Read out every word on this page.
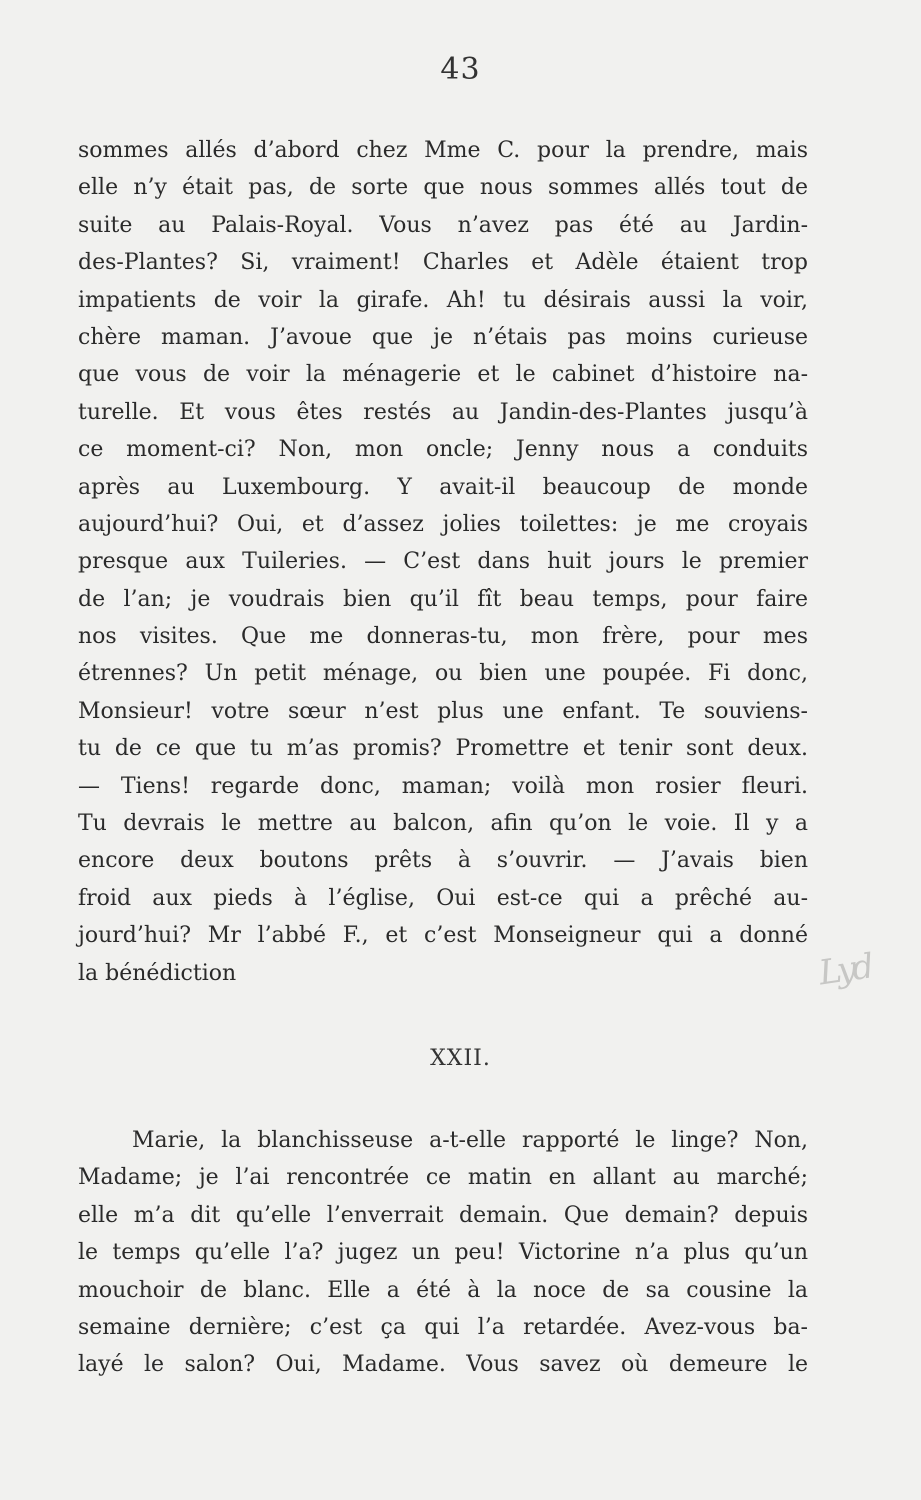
43
sommes allés d’abord chez Mme C. pour la prendre, mais
elle n’y était pas, de sorte que nous sommes allés tout de
suite au Palais-Royal. Vous n’avez pas été au Jardin-
des-Plantes? Si, vraiment! Charles et Adèle étaient trop
impatients de voir la girafe. Ah! tu désirais aussi la voir,
chère maman. J’avoue que je n’étais pas moins curieuse
que vous de voir la ménagerie et le cabinet d’histoire na-
turelle. Et vous êtes restés au Jandin-des-Plantes jusqu’à
ce moment-ci? Non, mon oncle; Jenny nous a conduits
après au Luxembourg. Y avait-il beaucoup de monde
aujourd’hui? Oui, et d’assez jolies toilettes: je me croyais
presque aux Tuileries. — C’est dans huit jours le premier
de l’an; je voudrais bien qu’il fît beau temps, pour faire
nos visites. Que me donneras-tu, mon frère, pour mes
étrennes? Un petit ménage, ou bien une poupée. Fi donc,
Monsieur! votre sœur n’est plus une enfant. Te souviens-
tu de ce que tu m’as promis? Promettre et tenir sont deux.
— Tiens! regarde donc, maman; voilà mon rosier fleuri.
Tu devrais le mettre au balcon, afin qu’on le voie. Il y a
encore deux boutons prêts à s’ouvrir. — J’avais bien
froid aux pieds à l’église, Oui est-ce qui a prêché au-
jourd’hui? Mr l’abbé F., et c’est Monseigneur qui a donné
la bénédiction	Lyd
XXII.
Marie, la blanchisseuse a-t-elle rapporté le linge? Non,
Madame; je l’ai rencontrée ce matin en allant au marché;
elle m’a dit qu’elle l’enverrait demain. Que demain? depuis
le temps qu’elle l’a? jugez un peu! Victorine n’a plus qu’un
mouchoir de blanc. Elle a été à la noce de sa cousine la
semaine dernière; c’est ça qui l’a retardée. Avez-vous ba-
layé le salon? Oui, Madame. Vous savez où demeure le
